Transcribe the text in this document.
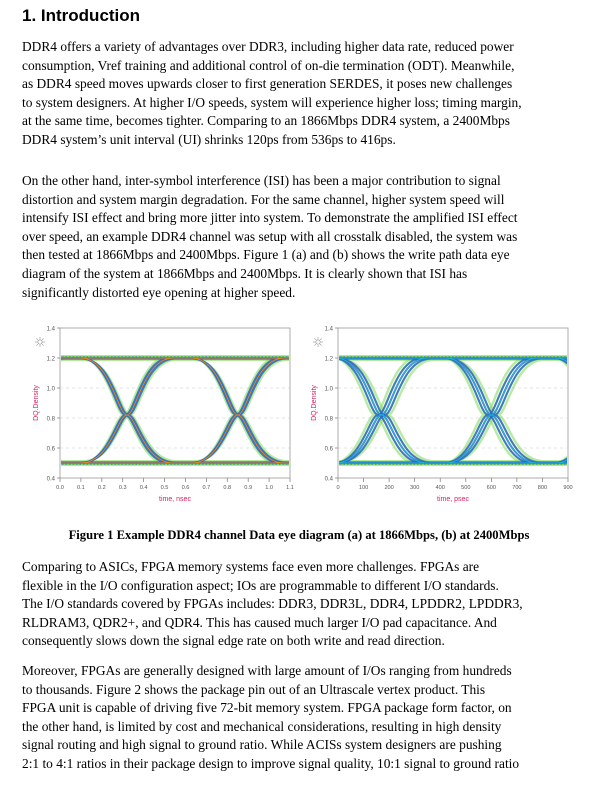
1. Introduction
DDR4 offers a variety of advantages over DDR3, including higher data rate, reduced power
consumption, Vref training and additional control of on-die termination (ODT). Meanwhile,
as DDR4 speed moves upwards closer to first generation SERDES, it poses new challenges
to system designers. At higher I/O speeds, system will experience higher loss; timing margin,
at the same time, becomes tighter. Comparing to an 1866Mbps DDR4 system, a 2400Mbps
DDR4 system’s unit interval (UI) shrinks 120ps from 536ps to 416ps.
On the other hand, inter-symbol interference (ISI) has been a major contribution to signal
distortion and system margin degradation. For the same channel, higher system speed will
intensify ISI effect and bring more jitter into system. To demonstrate the amplified ISI effect
over speed, an example DDR4 channel was setup with all crosstalk disabled, the system was
then tested at 1866Mbps and 2400Mbps. Figure 1 (a) and (b) shows the write path data eye
diagram of the system at 1866Mbps and 2400Mbps. It is clearly shown that ISI has
significantly distorted eye opening at higher speed.
0.4
0.6
0.8
1.0
1.2
1.4
0.0 0.1 0.2 0.3 0.4 0.5 0.6 0.7 0.8 0.9 1.0 1.1
time, nsec
DQ.Density
0.4
0.6
0.8
1.0
1.2
1.4
0	100	200	300	400	500	600	700	800	900
time, psec
DQ.Density
Figure 1 Example DDR4 channel Data eye diagram (a) at 1866Mbps, (b) at 2400Mbps
Comparing to ASICs, FPGA memory systems face even more challenges. FPGAs are
flexible in the I/O configuration aspect; IOs are programmable to different I/O standards.
The I/O standards covered by FPGAs includes: DDR3, DDR3L, DDR4, LPDDR2, LPDDR3,
RLDRAM3, QDR2+, and QDR4. This has caused much larger I/O pad capacitance. And
consequently slows down the signal edge rate on both write and read direction.
Moreover, FPGAs are generally designed with large amount of I/Os ranging from hundreds
to thousands. Figure 2 shows the package pin out of an Ultrascale vertex product. This
FPGA unit is capable of driving five 72-bit memory system. FPGA package form factor, on
the other hand, is limited by cost and mechanical considerations, resulting in high density
signal routing and high signal to ground ratio. While ACISs system designers are pushing
2:1 to 4:1 ratios in their package design to improve signal quality, 10:1 signal to ground ratio
